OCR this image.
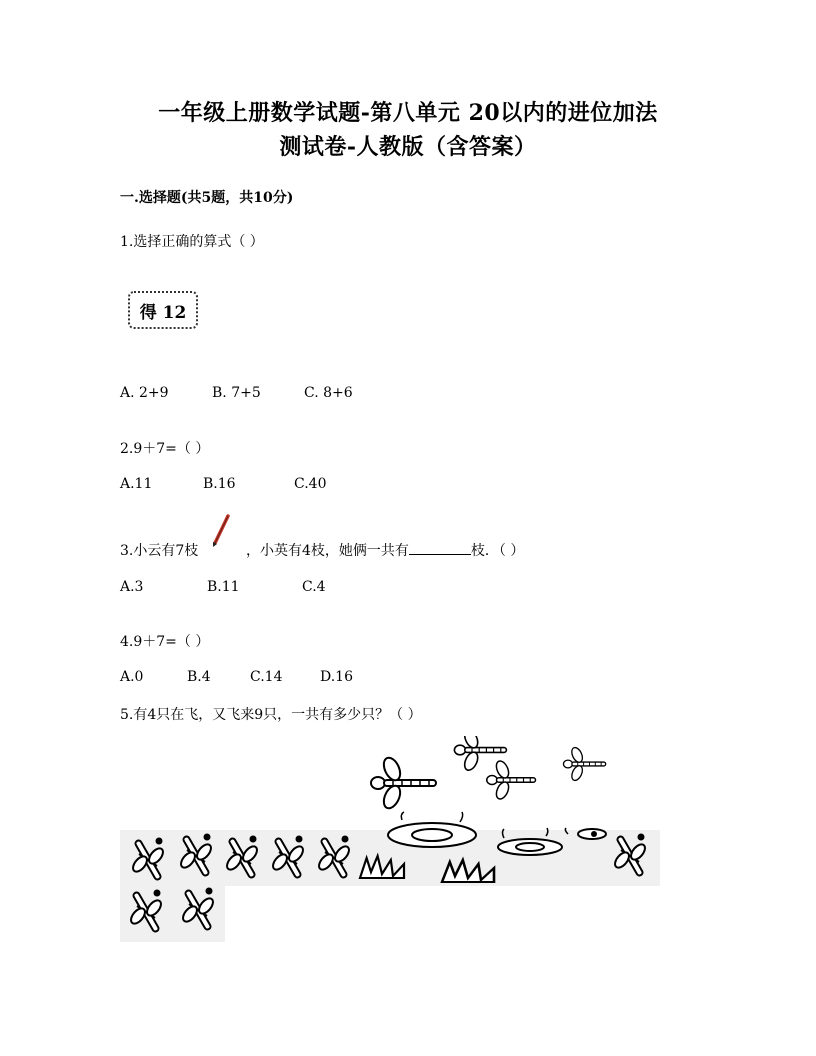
一年级上册数学试题-第八单元 20以内的进位加法
测试卷-人教版（含答案）
一.选择题(共5题，共10分)
1.选择正确的算式（ ）
得 12
A. 2+9	B. 7+5	C. 8+6
2.9＋7=（ ）
A.11	B.16	C.40
3.小云有7枝	，小英有4枝，她俩一共有	枝．（ ）
A.3	B.11	C.4
4.9＋7=（ ）
A.0	B.4	C.14	D.16
5.有4只在飞，又飞来9只，一共有多少只？（ ）
